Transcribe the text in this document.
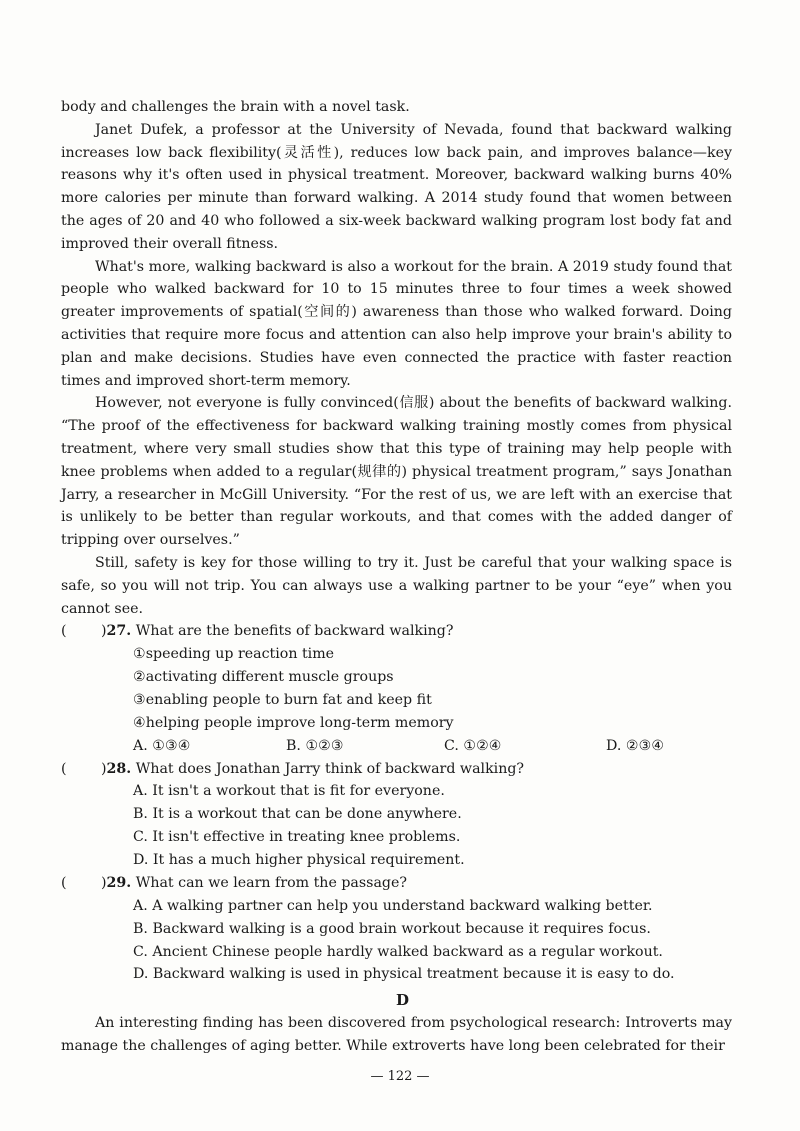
body and challenges the brain with a novel task.

Janet Dufek, a professor at the University of Nevada, found that backward walking increases low back flexibility(灵活性), reduces low back pain, and improves balance—key reasons why it's often used in physical treatment. Moreover, backward walking burns 40% more calories per minute than forward walking. A 2014 study found that women between the ages of 20 and 40 who followed a six-week backward walking program lost body fat and improved their overall fitness.

What's more, walking backward is also a workout for the brain. A 2019 study found that people who walked backward for 10 to 15 minutes three to four times a week showed greater improvements of spatial(空间的) awareness than those who walked forward. Doing activities that require more focus and attention can also help improve your brain's ability to plan and make decisions. Studies have even connected the practice with faster reaction times and improved short-term memory.

However, not everyone is fully convinced(信服) about the benefits of backward walking. “The proof of the effectiveness for backward walking training mostly comes from physical treatment, where very small studies show that this type of training may help people with knee problems when added to a regular(规律的) physical treatment program,” says Jonathan Jarry, a researcher in McGill University. “For the rest of us, we are left with an exercise that is unlikely to be better than regular workouts, and that comes with the added danger of tripping over ourselves.”

Still, safety is key for those willing to try it. Just be careful that your walking space is safe, so you will not trip. You can always use a walking partner to be your “eye” when you cannot see.

( )27. What are the benefits of backward walking?
①speeding up reaction time
②activating different muscle groups
③enabling people to burn fat and keep fit
④helping people improve long-term memory
A. ①③④	B. ①②③	C. ①②④	D. ②③④
( )28. What does Jonathan Jarry think of backward walking?
A. It isn't a workout that is fit for everyone.
B. It is a workout that can be done anywhere.
C. It isn't effective in treating knee problems.
D. It has a much higher physical requirement.
( )29. What can we learn from the passage?
A. A walking partner can help you understand backward walking better.
B. Backward walking is a good brain workout because it requires focus.
C. Ancient Chinese people hardly walked backward as a regular workout.
D. Backward walking is used in physical treatment because it is easy to do.
D

An interesting finding has been discovered from psychological research: Introverts may manage the challenges of aging better. While extroverts have long been celebrated for their

— 122 —
